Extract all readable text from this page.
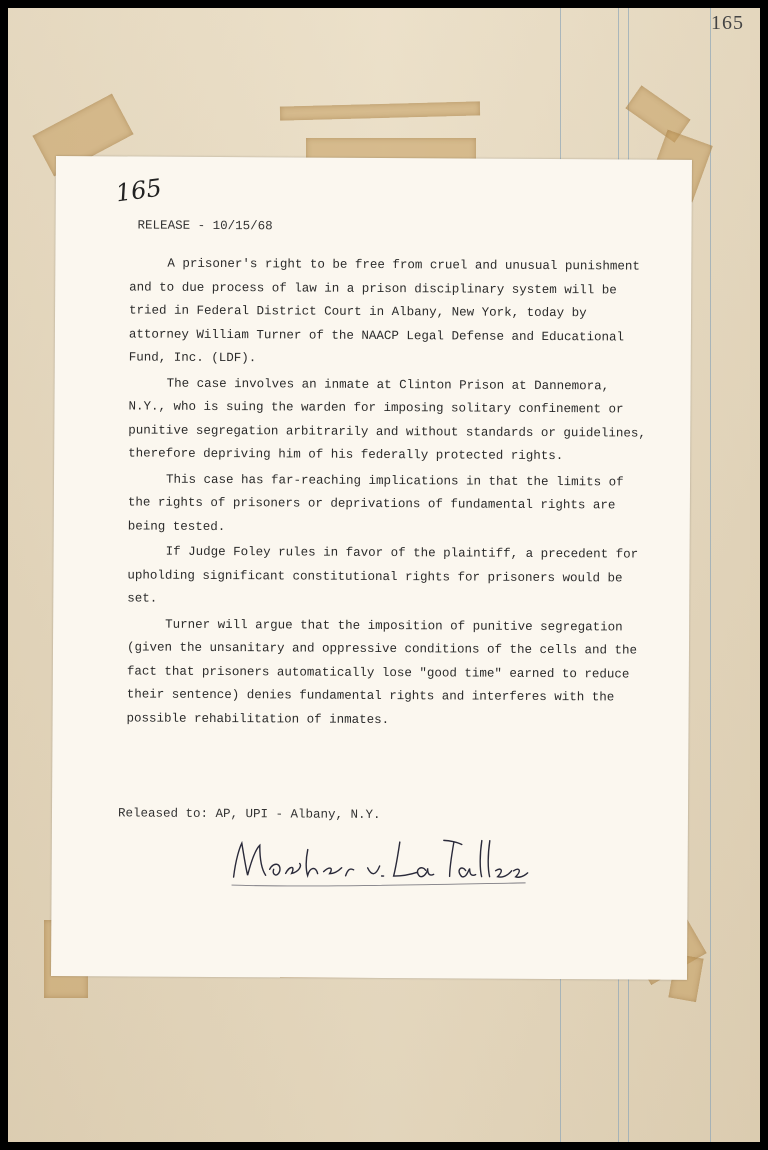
165
165
RELEASE - 10/15/68

A prisoner's right to be free from cruel and unusual punishment and to due process of law in a prison disciplinary system will be tried in Federal District Court in Albany, New York, today by attorney William Turner of the NAACP Legal Defense and Educational Fund, Inc. (LDF).

The case involves an inmate at Clinton Prison at Dannemora, N.Y., who is suing the warden for imposing solitary confinement or punitive segregation arbitrarily and without standards or guidelines, therefore depriving him of his federally protected rights.

This case has far-reaching implications in that the limits of the rights of prisoners or deprivations of fundamental rights are being tested.

If Judge Foley rules in favor of the plaintiff, a precedent for upholding significant constitutional rights for prisoners would be set.

Turner will argue that the imposition of punitive segregation (given the unsanitary and oppressive conditions of the cells and the fact that prisoners automatically lose "good time" earned to reduce their sentence) denies fundamental rights and interferes with the possible rehabilitation of inmates.

Released to: AP, UPI - Albany, N.Y.
